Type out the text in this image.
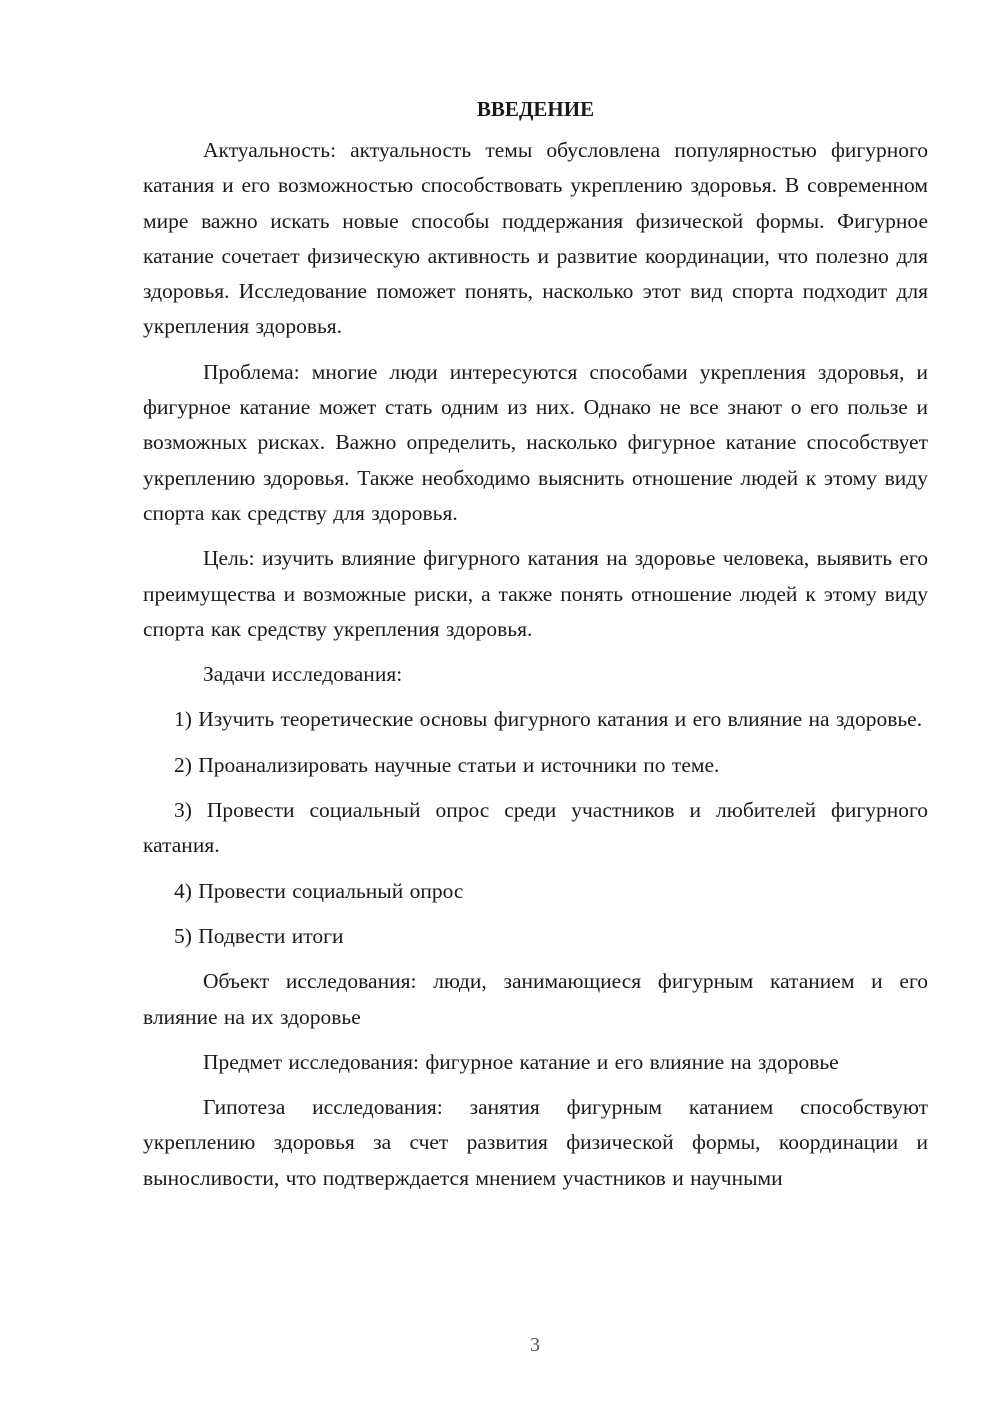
ВВЕДЕНИЕ

Актуальность: актуальность темы обусловлена популярностью фигурного катания и его возможностью способствовать укреплению здоровья. В современном мире важно искать новые способы поддержания физической формы. Фигурное катание сочетает физическую активность и развитие координации, что полезно для здоровья. Исследование поможет понять, насколько этот вид спорта подходит для укрепления здоровья.

Проблема: многие люди интересуются способами укрепления здоровья, и фигурное катание может стать одним из них. Однако не все знают о его пользе и возможных рисках. Важно определить, насколько фигурное катание способствует укреплению здоровья. Также необходимо выяснить отношение людей к этому виду спорта как средству для здоровья.

Цель: изучить влияние фигурного катания на здоровье человека, выявить его преимущества и возможные риски, а также понять отношение людей к этому виду спорта как средству укрепления здоровья.

Задачи исследования:

1) Изучить теоретические основы фигурного катания и его влияние на здоровье.

2) Проанализировать научные статьи и источники по теме.

3) Провести социальный опрос среди участников и любителей фигурного катания.

4) Провести социальный опрос

5) Подвести итоги

Объект исследования: люди, занимающиеся фигурным катанием и его влияние на их здоровье

Предмет исследования: фигурное катание и его влияние на здоровье

Гипотеза исследования: занятия фигурным катанием способствуют укреплению здоровья за счет развития физической формы, координации и выносливости, что подтверждается мнением участников и научными

3
